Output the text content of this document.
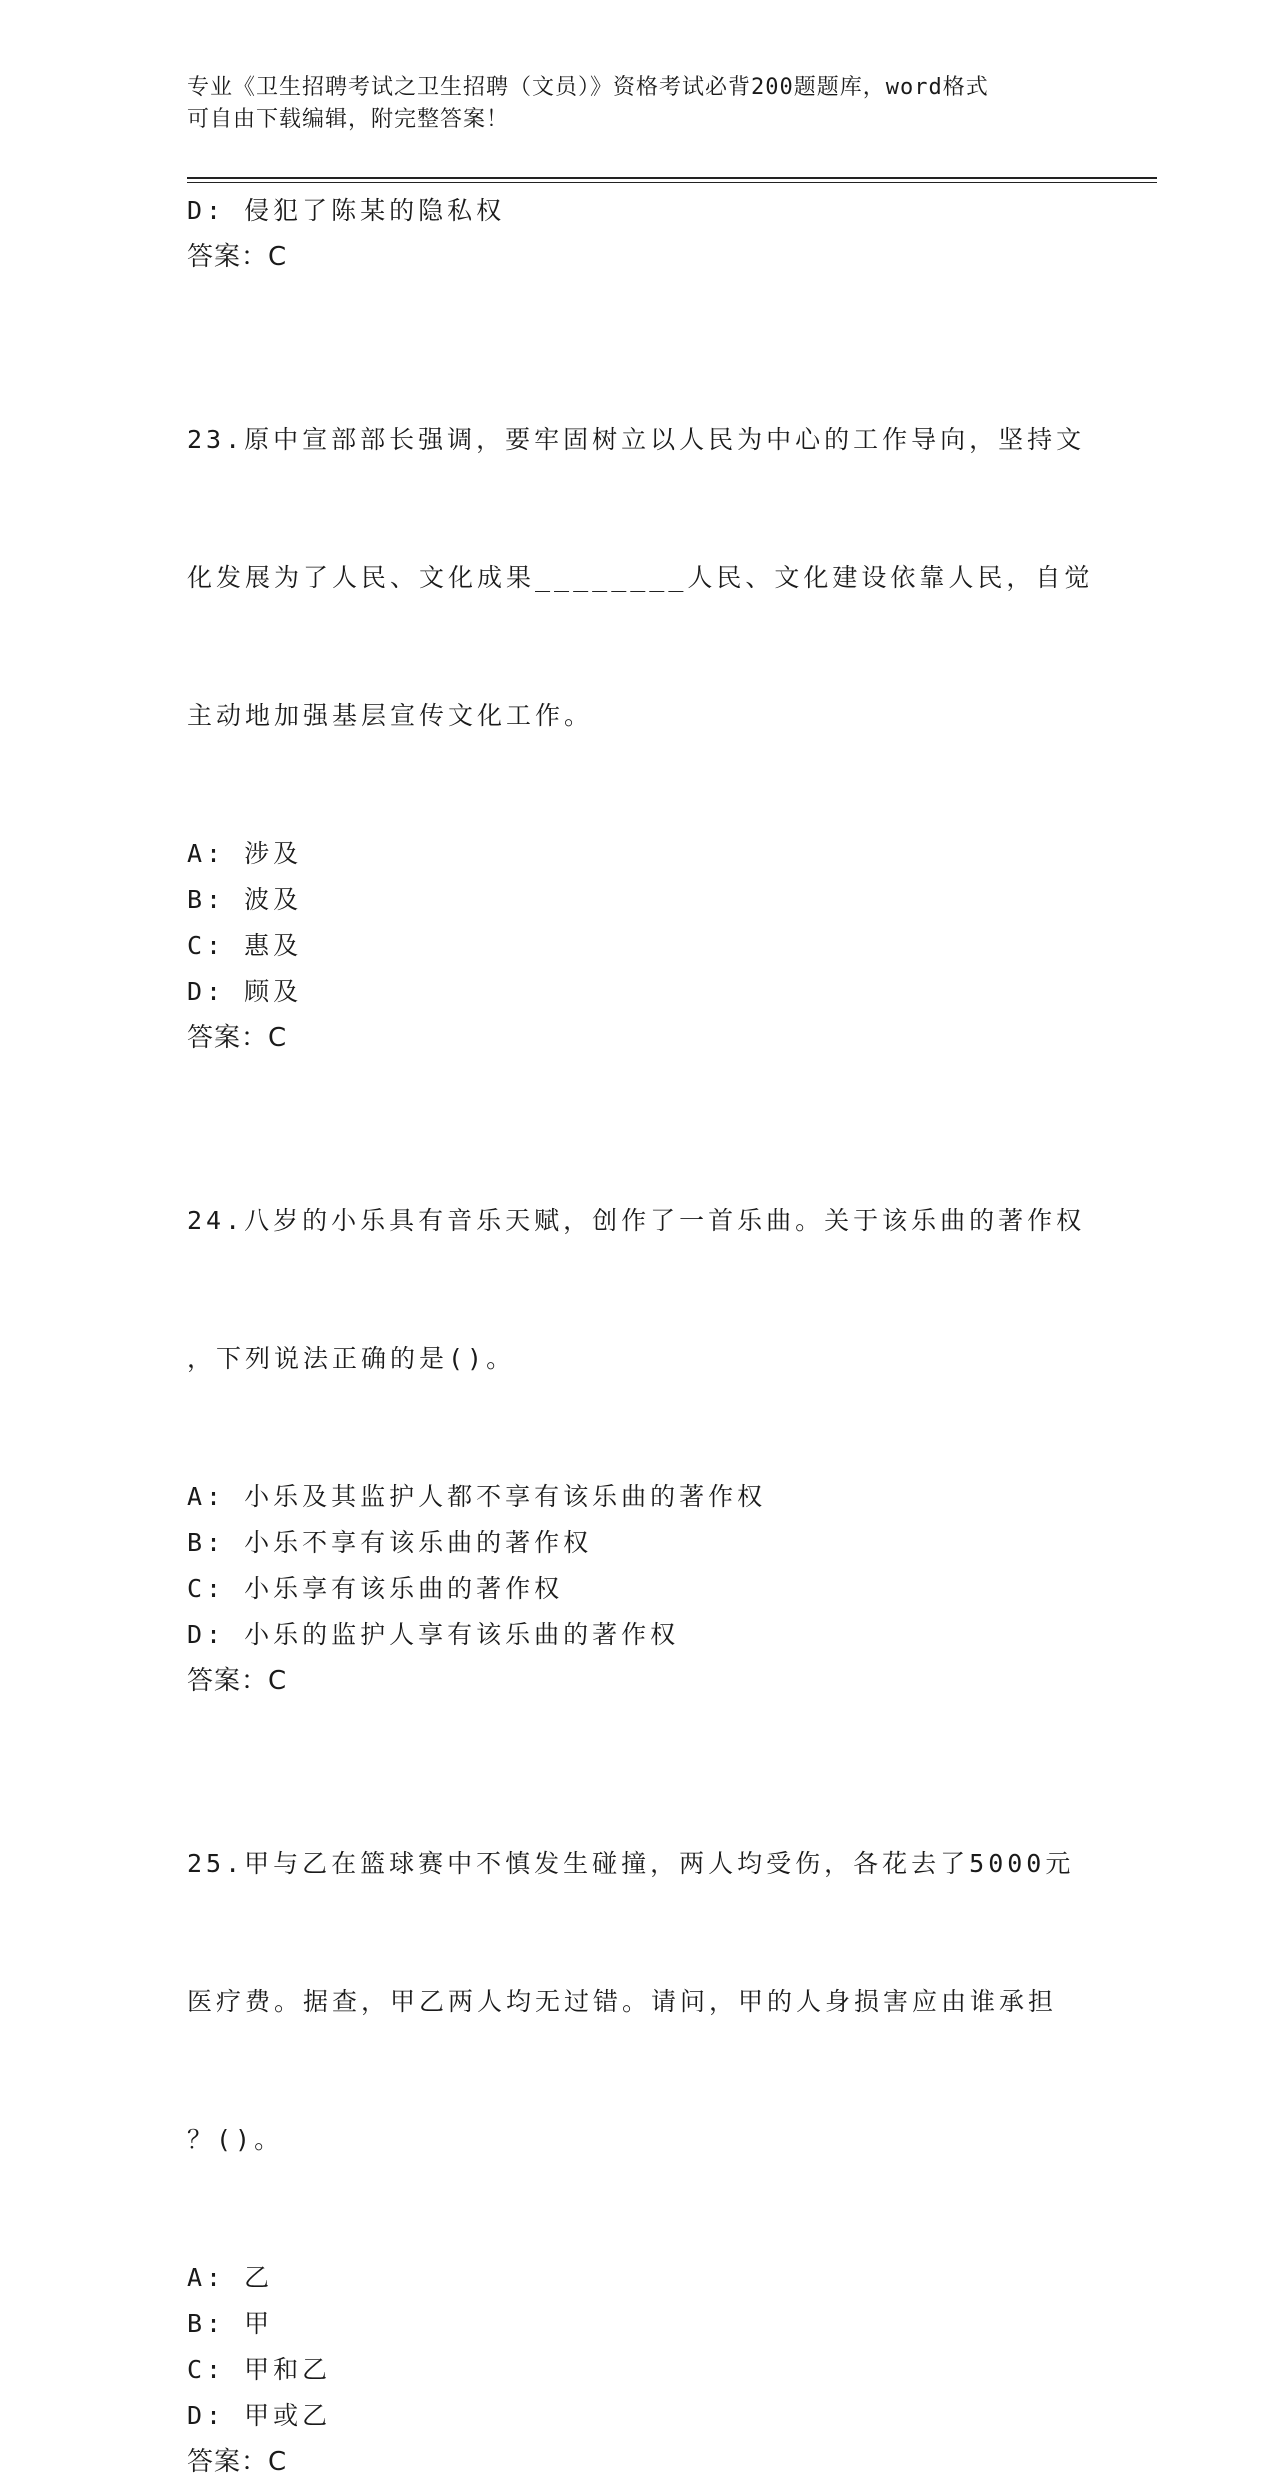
专业《卫生招聘考试之卫生招聘（文员）》资格考试必背200题题库，word格式
可自由下载编辑，附完整答案！
D: 侵犯了陈某的隐私权
答案：C

23.原中宣部部长强调，要牢固树立以人民为中心的工作导向，坚持文

化发展为了人民、文化成果________人民、文化建设依靠人民，自觉

主动地加强基层宣传文化工作。

A: 涉及
B: 波及
C: 惠及
D: 顾及
答案：C

24.八岁的小乐具有音乐天赋，创作了一首乐曲。关于该乐曲的著作权

，下列说法正确的是()。

A: 小乐及其监护人都不享有该乐曲的著作权
B: 小乐不享有该乐曲的著作权
C: 小乐享有该乐曲的著作权
D: 小乐的监护人享有该乐曲的著作权
答案：C

25.甲与乙在篮球赛中不慎发生碰撞，两人均受伤，各花去了5000元

医疗费。据查，甲乙两人均无过错。请问，甲的人身损害应由谁承担

？()。

A: 乙
B: 甲
C: 甲和乙
D: 甲或乙
答案：C
